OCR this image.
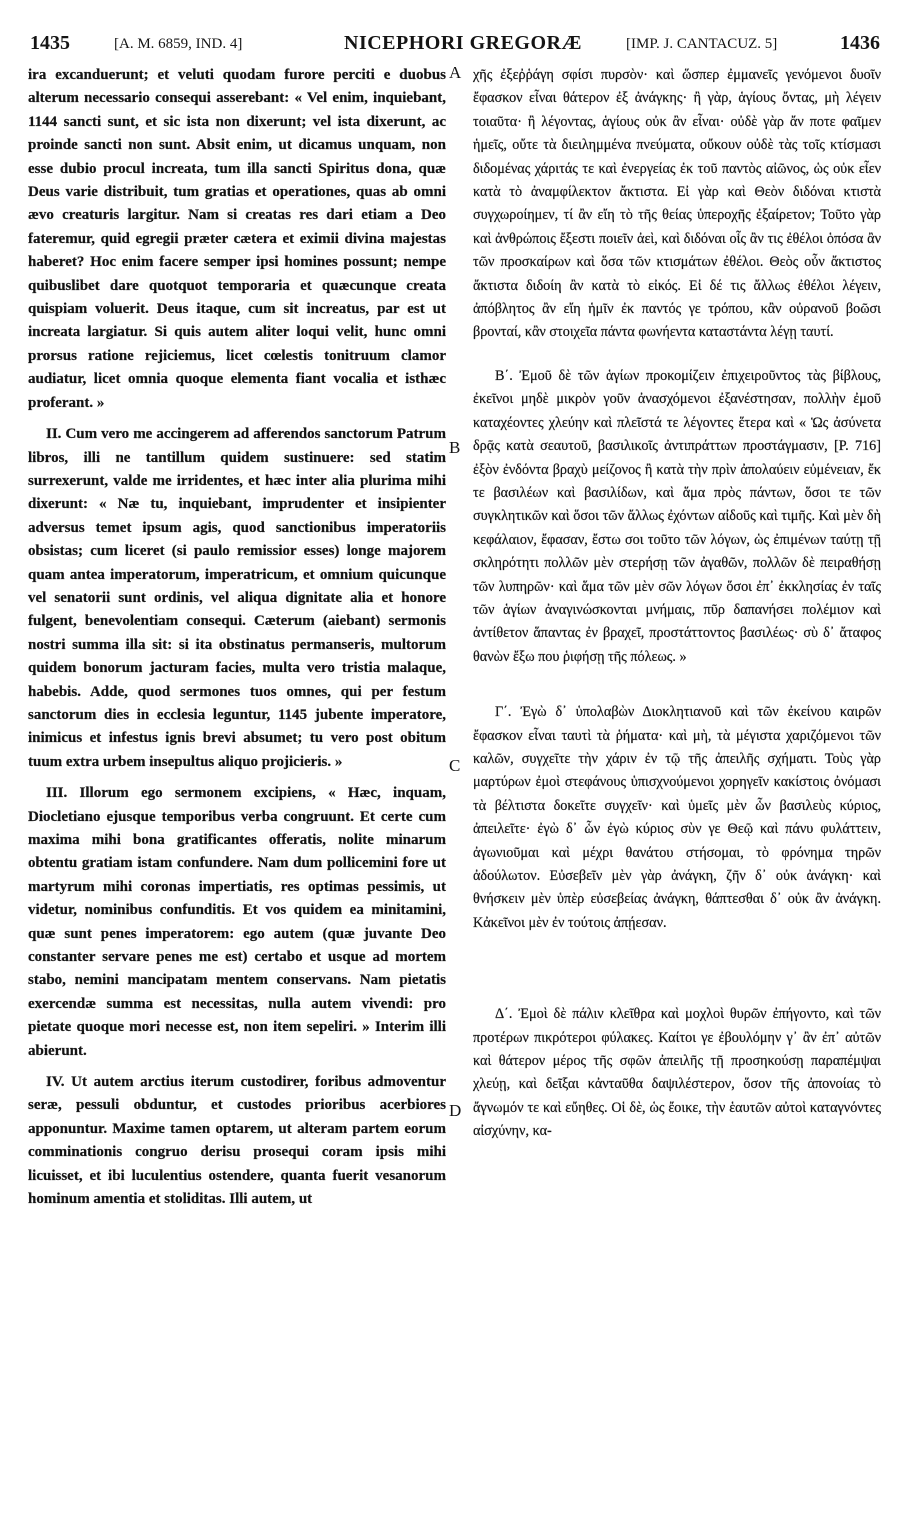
1435	[A. M. 6859, IND. 4]	NICEPHORI GREGORÆ	[IMP. J. CANTACUZ. 5]	1436

ira excanduerunt; et veluti quodam furore perciti e duobus alterum necessario consequi asserebant: « Vel enim, inquiebant, 1144 sancti sunt, et sic ista non dixerunt; vel ista dixerunt, ac proinde sancti non sunt. Absit enim, ut dicamus unquam, non esse dubio procul increata, tum illa sancti Spiritus dona, quæ Deus varie distribuit, tum gratias et operationes, quas ab omni ævo creaturis largitur. Nam si creatas res dari etiam a Deo fateremur, quid egregii præter cætera et eximii divina majestas haberet? Hoc enim facere semper ipsi homines possunt; nempe quibuslibet dare quotquot temporaria et quæcunque creata quispiam voluerit. Deus itaque, cum sit increatus, par est ut increata largiatur. Si quis autem aliter loqui velit, hunc omni prorsus ratione rejiciemus, licet cœlestis tonitruum clamor audiatur, licet omnia quoque elementa fiant vocalia et isthæc proferant. »

II. Cum vero me accingerem ad afferendos sanctorum Patrum libros, illi ne tantillum quidem sustinuere: sed statim surrexerunt, valde me irridentes, et hæc inter alia plurima mihi dixerunt: « Næ tu, inquiebant, imprudenter et insipienter adversus temet ipsum agis, quod sanctionibus imperatoriis obsistas; cum liceret (si paulo remissior esses) longe majorem quam antea imperatorum, imperatricum, et omnium quicunque vel senatorii sunt ordinis, vel aliqua dignitate alia et honore fulgent, benevolentiam consequi. Cæterum (aiebant) sermonis nostri summa illa sit: si ita obstinatus permanseris, multorum quidem bonorum jacturam facies, multa vero tristia malaque, habebis. Adde, quod sermones tuos omnes, qui per festum sanctorum dies in ecclesia leguntur, 1145 jubente imperatore, inimicus et infestus ignis brevi absumet; tu vero post obitum tuum extra urbem insepultus aliquo projicieris. »

III. Illorum ego sermonem excipiens, « Hæc, inquam, Diocletiano ejusque temporibus verba congruunt. Et certe cum maxima mihi bona gratificantes offeratis, nolite minarum obtentu gratiam istam confundere. Nam dum pollicemini fore ut martyrum mihi coronas impertiatis, res optimas pessimis, ut videtur, nominibus confunditis. Et vos quidem ea minitamini, quæ sunt penes imperatorem: ego autem (quæ juvante Deo constanter servare penes me est) certabo et usque ad mortem stabo, nemini mancipatam mentem conservans. Nam pietatis exercendæ summa est necessitas, nulla autem vivendi: pro pietate quoque mori necesse est, non item sepeliri. » Interim illi abierunt.

IV. Ut autem arctius iterum custodirer, foribus admoventur seræ, pessuli obduntur, et custodes prioribus acerbiores apponuntur. Maxime tamen optarem, ut alteram partem eorum comminationis congruo derisu prosequi coram ipsis mihi licuisset, et ibi luculentius ostendere, quanta fuerit vesanorum hominum amentia et stoliditas. Illi autem, ut

A
B
C
D

χῆς ἐξεῤῥάγη σφίσι πυρσὸν· καὶ ὥσπερ ἐμμανεῖς γενόμενοι δυοῖν ἔφασκον εἶναι θάτερον ἐξ ἀνάγκης· ἢ γὰρ, ἁγίους ὄντας, μὴ λέγειν τοιαῦτα· ἢ λέγοντας, ἁγίους οὐκ ἂν εἶναι· οὐδὲ γὰρ ἄν ποτε φαῖμεν ἡμεῖς, οὔτε τὰ διειλημμένα πνεύματα, οὔκουν οὐδὲ τὰς τοῖς κτίσμασι διδομένας χάριτάς τε καὶ ἐνεργείας ἐκ τοῦ παντὸς αἰῶνος, ὡς οὐκ εἶεν κατὰ τὸ ἀναμφίλεκτον ἄκτιστα. Εἰ γὰρ καὶ Θεὸν διδόναι κτιστὰ συγχωροίημεν, τί ἂν εἴη τὸ τῆς θείας ὑπεροχῆς ἐξαίρετον; Τοῦτο γὰρ καὶ ἀνθρώποις ἔξεστι ποιεῖν ἀεὶ, καὶ διδόναι οἷς ἂν τις ἐθέλοι ὁπόσα ἂν τῶν προσκαίρων καὶ ὅσα τῶν κτισμάτων ἐθέλοι. Θεὸς οὖν ἄκτιστος ἄκτιστα διδοίη ἂν κατὰ τὸ εἰκός. Εἰ δέ τις ἄλλως ἐθέλοι λέγειν, ἀπόβλητος ἂν εἴη ἡμῖν ἐκ παντός γε τρόπου, κἂν οὐρανοῦ βοῶσι βρονταί, κἂν στοιχεῖα πάντα φωνήεντα καταστάντα λέγῃ ταυτί.

Β΄. Ἐμοῦ δὲ τῶν ἁγίων προκομίζειν ἐπιχειροῦντος τὰς βίβλους, ἐκεῖνοι μηδὲ μικρὸν γοῦν ἀνασχόμενοι ἐξανέστησαν, πολλὴν ἐμοῦ καταχέοντες χλεύην καὶ πλεῖστά τε λέγοντες ἕτερα καὶ « Ὡς ἀσύνετα δρᾷς κατὰ σεαυτοῦ, βασιλικοῖς ἀντιπράττων προστάγμασιν, [P. 716] ἐξὸν ἐνδόντα βραχὺ μείζονος ἢ κατὰ τὴν πρὶν ἀπολαύειν εὐμένειαν, ἔκ τε βασιλέων καὶ βασιλίδων, καὶ ἅμα πρὸς πάντων, ὅσοι τε τῶν συγκλητικῶν καὶ ὅσοι τῶν ἄλλως ἐχόντων αἰδοῦς καὶ τιμῆς. Καὶ μὲν δὴ κεφάλαιον, ἔφασαν, ἔστω σοι τοῦτο τῶν λόγων, ὡς ἐπιμένων ταύτῃ τῇ σκληρότητι πολλῶν μὲν στερήσῃ τῶν ἀγαθῶν, πολλῶν δὲ πειραθήσῃ τῶν λυπηρῶν· καὶ ἅμα τῶν μὲν σῶν λόγων ὅσοι ἐπ᾽ ἐκκλησίας ἐν ταῖς τῶν ἁγίων ἀναγινώσκονται μνήμαις, πῦρ δαπανήσει πολέμιον καὶ ἀντίθετον ἅπαντας ἐν βραχεῖ, προστάττοντος βασιλέως· σὺ δ᾽ ἄταφος θανὼν ἔξω που ῥιφήσῃ τῆς πόλεως. »

Γ΄. Ἐγὼ δ᾽ ὑπολαβὼν Διοκλητιανοῦ καὶ τῶν ἐκείνου καιρῶν ἔφασκον εἶναι ταυτὶ τὰ ῥήματα· καὶ μὴ, τὰ μέγιστα χαριζόμενοι τῶν καλῶν, συγχεῖτε τὴν χάριν ἐν τῷ τῆς ἀπειλῆς σχήματι. Τοὺς γὰρ μαρτύρων ἐμοὶ στεφάνους ὑπισχνούμενοι χορηγεῖν κακίστοις ὀνόμασι τὰ βέλτιστα δοκεῖτε συγχεῖν· καὶ ὑμεῖς μὲν ὧν βασιλεὺς κύριος, ἀπειλεῖτε· ἐγὼ δ᾽ ὧν ἐγὼ κύριος σὺν γε Θεῷ καὶ πάνυ φυλάττειν, ἀγωνιοῦμαι καὶ μέχρι θανάτου στήσομαι, τὸ φρόνημα τηρῶν ἀδούλωτον. Εὐσεβεῖν μὲν γὰρ ἀνάγκη, ζῆν δ᾽ οὐκ ἀνάγκη· καὶ θνήσκειν μὲν ὑπὲρ εὐσεβείας ἀνάγκη, θάπτεσθαι δ᾽ οὐκ ἂν ἀνάγκη. Κἀκεῖνοι μὲν ἐν τούτοις ἀπῄεσαν.

Δ΄. Ἐμοὶ δὲ πάλιν κλεῖθρα καὶ μοχλοὶ θυρῶν ἐπήγοντο, καὶ τῶν προτέρων πικρότεροι φύλακες. Καίτοι γε ἐβουλόμην γ᾽ ἂν ἐπ᾽ αὐτῶν καὶ θάτερον μέρος τῆς σφῶν ἀπειλῆς τῇ προσηκούσῃ παραπέμψαι χλεύῃ, καὶ δεῖξαι κἀνταῦθα δαψιλέστερον, ὅσον τῆς ἀπονοίας τὸ ἄγνωμόν τε καὶ εὔηθες. Οἱ δὲ, ὡς ἔοικε, τὴν ἑαυτῶν αὐτοὶ καταγνόντες αἰσχύνην, κα-
